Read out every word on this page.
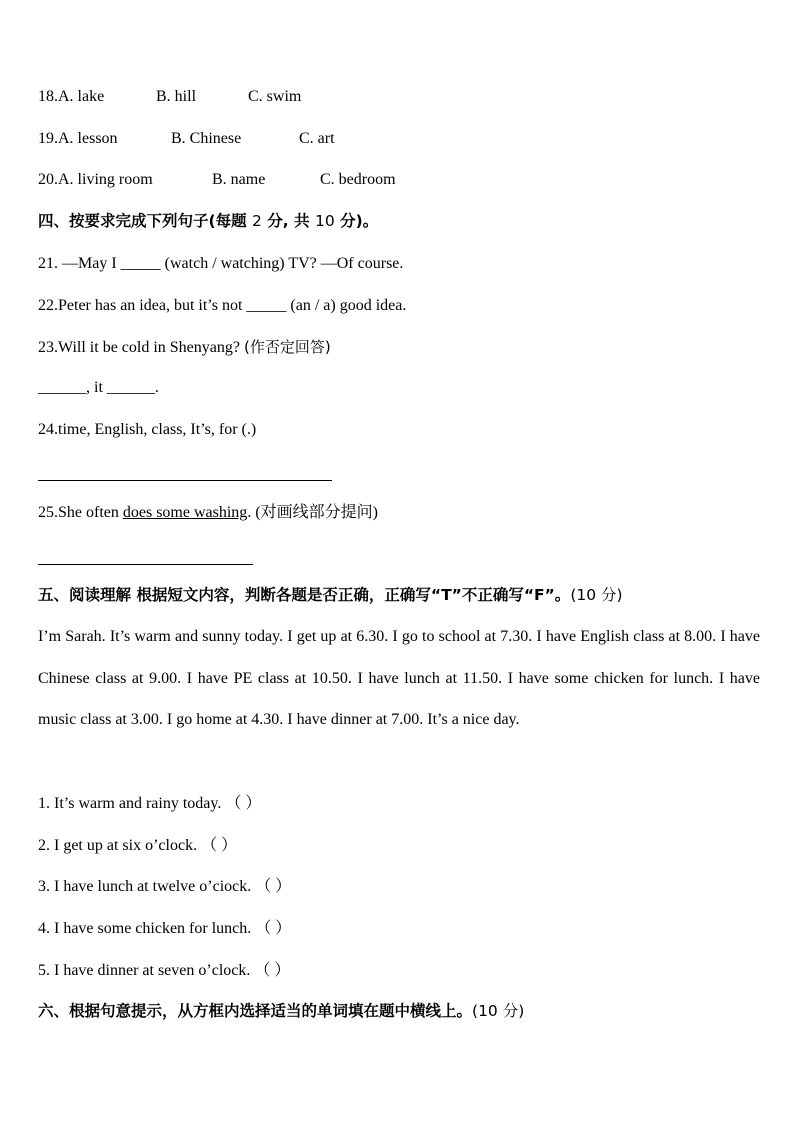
18.A. lake	B. hill	C. swim
19.A. lesson	B. Chinese	C. art
20.A. living room	B. name	C. bedroom
四、按要求完成下列句子(每题 2 分, 共 10 分)。
21. —May I _____ (watch / watching) TV? —Of course.
22.Peter has an idea, but it’s not _____ (an / a) good idea.
23.Will it be cold in Shenyang? (作否定回答)
______, it ______.
24.time, English, class, It’s, for (.)
25.She often does some washing. (对画线部分提问)
五、阅读理解 根据短文内容，判断各题是否正确，正确写“T”不正确写“F”。(10 分)
I’m Sarah. It’s warm and sunny today. I get up at 6.30. I go to school at 7.30. I have English class at 8.00. I have Chinese class at 9.00. I have PE class at 10.50. I have lunch at 11.50. I have some chicken for lunch. I have music class at 3.00. I go home at 4.30. I have dinner at 7.00. It’s a nice day.
1. It’s warm and rainy today. （ ）
2. I get up at six o’clock. （ ）
3. I have lunch at twelve o’ciock. （ ）
4. I have some chicken for lunch. （ ）
5. I have dinner at seven o’clock. （ ）
六、根据句意提示，从方框内选择适当的单词填在题中横线上。(10 分)
